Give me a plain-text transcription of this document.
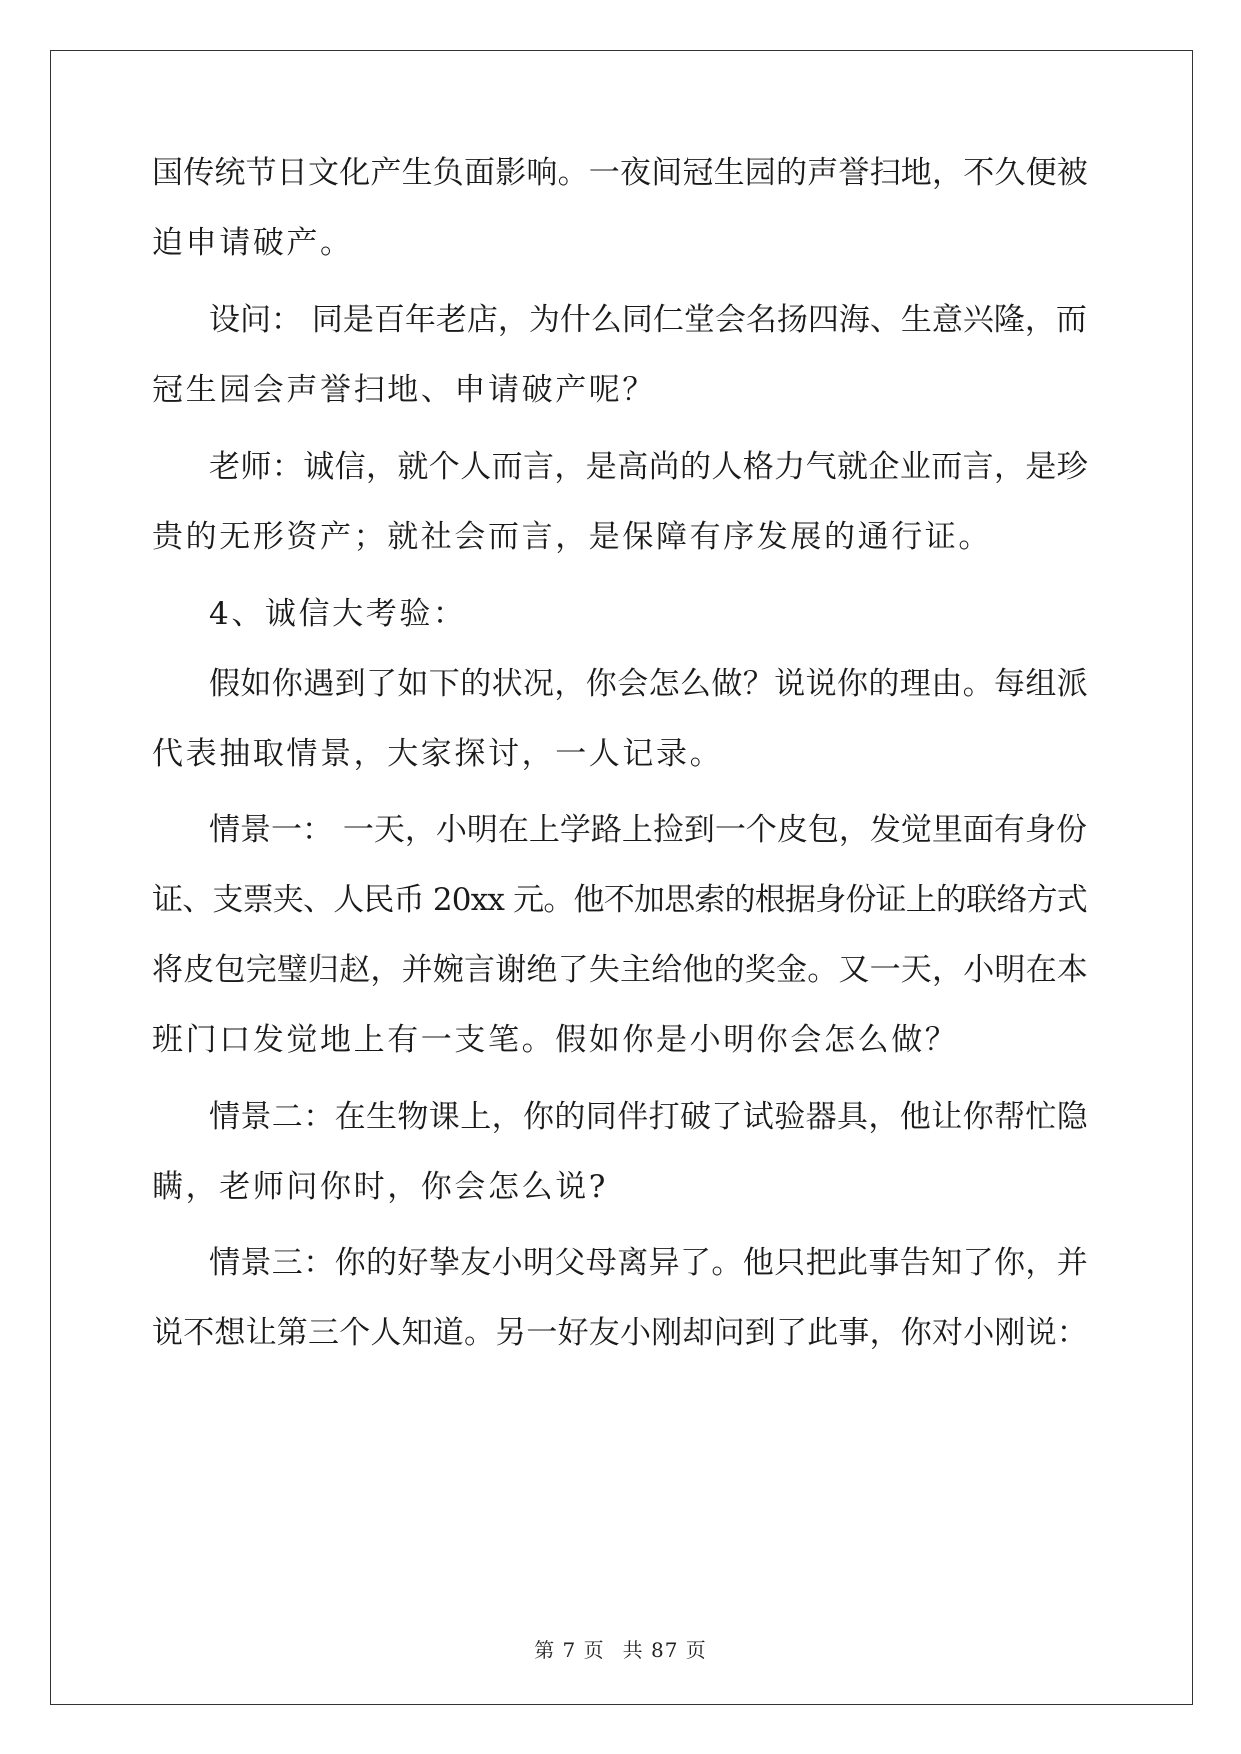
国传统节日文化产生负面影响。一夜间冠生园的声誉扫地，不久便被
迫申请破产。
设问： 同是百年老店，为什么同仁堂会名扬四海、生意兴隆，而
冠生园会声誉扫地、申请破产呢？
老师：诚信，就个人而言，是高尚的人格力气就企业而言，是珍
贵的无形资产；就社会而言，是保障有序发展的通行证。
4、诚信大考验：
假如你遇到了如下的状况，你会怎么做？说说你的理由。每组派
代表抽取情景，大家探讨，一人记录。
情景一： 一天，小明在上学路上捡到一个皮包，发觉里面有身份
证、支票夹、人民币 20xx 元。他不加思索的根据身份证上的联络方式
将皮包完璧归赵，并婉言谢绝了失主给他的奖金。又一天，小明在本
班门口发觉地上有一支笔。假如你是小明你会怎么做？
情景二：在生物课上，你的同伴打破了试验器具，他让你帮忙隐
瞒，老师问你时，你会怎么说?
情景三：你的好挚友小明父母离异了。他只把此事告知了你，并
说不想让第三个人知道。另一好友小刚却问到了此事，你对小刚说：
第 7 页 共 87 页
